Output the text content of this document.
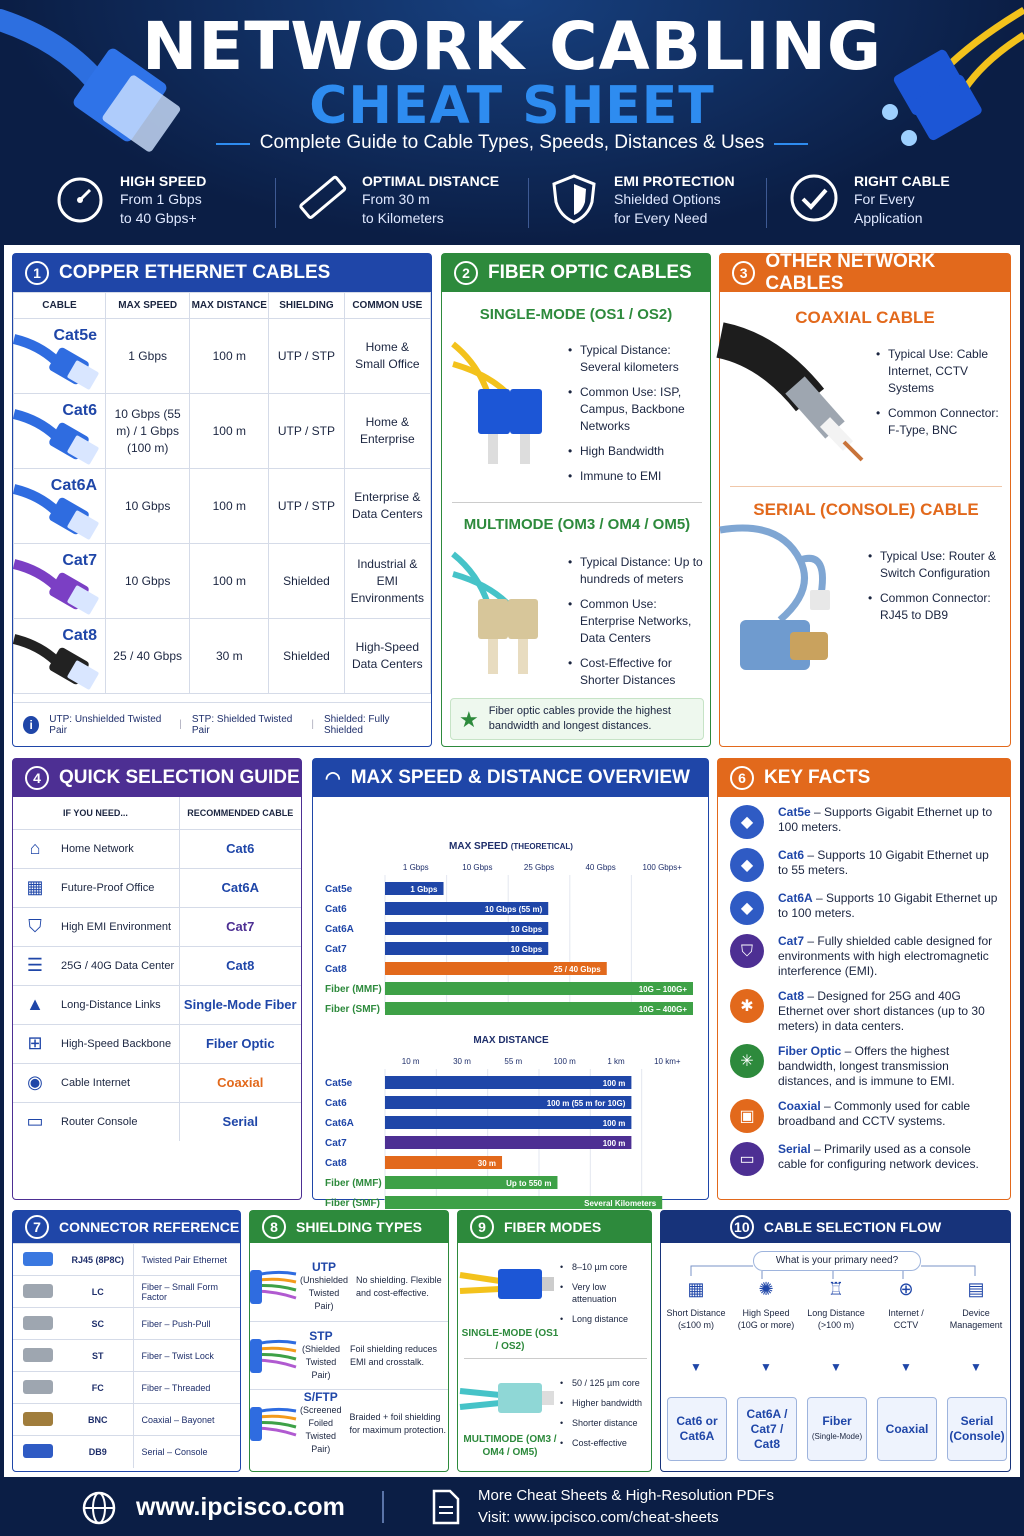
NETWORK CABLING
CHEAT SHEET
Complete Guide to Cable Types, Speeds, Distances & Uses
HIGH SPEED
From 1 Gbps
to 40 Gbps+
OPTIMAL DISTANCE
From 30 m
to Kilometers
EMI PROTECTION
Shielded Options
for Every Need
RIGHT CABLE
For Every
Application
1 COPPER ETHERNET CABLES
CABLE	MAX SPEED	MAX DISTANCE	SHIELDING	COMMON USE

Cat5e	1 Gbps	100 m	UTP / STP	Home & Small Office

Cat6	10 Gbps (55 m) / 1 Gbps (100 m)	100 m	UTP / STP	Home & Enterprise

Cat6A	10 Gbps	100 m	UTP / STP	Enterprise & Data Centers

Cat7	10 Gbps	100 m	Shielded	Industrial & EMI Environments

Cat8	25 / 40 Gbps	30 m	Shielded	High-Speed Data Centers
i	UTP: Unshielded Twisted Pair	| STP: Shielded Twisted Pair	| Shielded: Fully Shielded
2 FIBER OPTIC CABLES
SINGLE-MODE (OS1 / OS2)
• Typical Distance: Several kilometers
• Common Use: ISP, Campus, Backbone Networks
• High Bandwidth
• Immune to EMI
MULTIMODE (OM3 / OM4 / OM5)
• Typical Distance: Up to hundreds of meters
• Common Use: Enterprise Networks, Data Centers
• Cost-Effective for Shorter Distances
★ Fiber optic cables provide the highest bandwidth and longest distances.
3
OTHER NETWORK CABLES
COAXIAL CABLE
• Typical Use: Cable Internet, CCTV Systems
• Common Connector: F-Type, BNC
SERIAL (CONSOLE) CABLE
• Typical Use: Router & Switch Configuration
• Common Connector: RJ45 to DB9
4 QUICK SELECTION GUIDE
IF YOU NEED...	RECOMMENDED CABLE

⌂ Home Network	Cat6

▦ Future-Proof Office	Cat6A

⛉ High EMI Environment	Cat7

☰ 25G / 40G Data Center	Cat8

▲ Long-Distance Links	Single-Mode Fiber

⊞ High-Speed Backbone	Fiber Optic

◉ Cable Internet	Coaxial

▭ Router Console	Serial
◠ MAX SPEED & DISTANCE OVERVIEW
MAX SPEED (THEORETICAL)
1 Gbps	10 Gbps	25 Gbps	40 Gbps	100 Gbps+
Cat5e	1 Gbps
Cat6	10 Gbps (55 m)
Cat6A	10 Gbps
Cat7	10 Gbps
Cat8	25 / 40 Gbps
Fiber (MMF)	10G – 100G+
Fiber (SMF)	10G – 400G+
MAX DISTANCE
10 m	30 m	55 m	100 m	1 km	10 km+
Cat5e	100 m
Cat6	100 m (55 m for 10G)
Cat6A	100 m
Cat7	100 m
Cat8	30 m
Fiber (MMF)	Up to 550 m
Fiber (SMF)	Several Kilometers
6 KEY FACTS
◆
Cat5e – Supports Gigabit Ethernet up to 100 meters.
◆
Cat6 – Supports 10 Gigabit Ethernet up to 55 meters.
◆
Cat6A – Supports 10 Gigabit Ethernet up to 100 meters.
⛉
Cat7 – Fully shielded cable designed for environments with high electromagnetic interference (EMI).
✱
Cat8 – Designed for 25G and 40G Ethernet over short distances (up to 30 meters) in data centers.
✳
Fiber Optic – Offers the highest bandwidth, longest transmission distances, and is immune to EMI.
▣
Coaxial – Commonly used for cable broadband and CCTV systems.
▭
Serial – Primarily used as a console cable for configuring network devices.
7	CONNECTOR REFERENCE
	RJ45 (8P8C)	Twisted Pair Ethernet
	LC	Fiber – Small Form Factor
	SC	Fiber – Push-Pull
	ST	Fiber – Twist Lock
	FC	Fiber – Threaded
	BNC	Coaxial – Bayonet
	DB9	Serial – Console
8	SHIELDING TYPES
UTP
(Unshielded Twisted Pair)
No shielding. Flexible and cost-effective.
STP
(Shielded Twisted Pair)
Foil shielding reduces EMI and crosstalk.
S/FTP
(Screened Foiled Twisted Pair)
Braided + foil shielding for maximum protection.
9	FIBER MODES
SINGLE-MODE (OS1 / OS2)
• 8–10 µm core
• Very low attenuation
• Long distance
MULTIMODE (OM3 / OM4 / OM5)
• 50 / 125 µm core
• Higher bandwidth
• Shorter distance
• Cost-effective
10	CABLE SELECTION FLOW
What is your primary need?
▦
Short Distance (≤100 m)
▼
Cat6 or Cat6A
✺
High Speed (10G or more)
▼
Cat6A / Cat7 / Cat8
♖
Long Distance (>100 m)
▼
Fiber
(Single-Mode)
⊕
Internet / CCTV
▼
Coaxial
▤
Device Management
▼
Serial (Console)
www.ipcisco.com	More Cheat Sheets & High-Resolution PDFs
Visit: www.ipcisco.com/cheat-sheets
